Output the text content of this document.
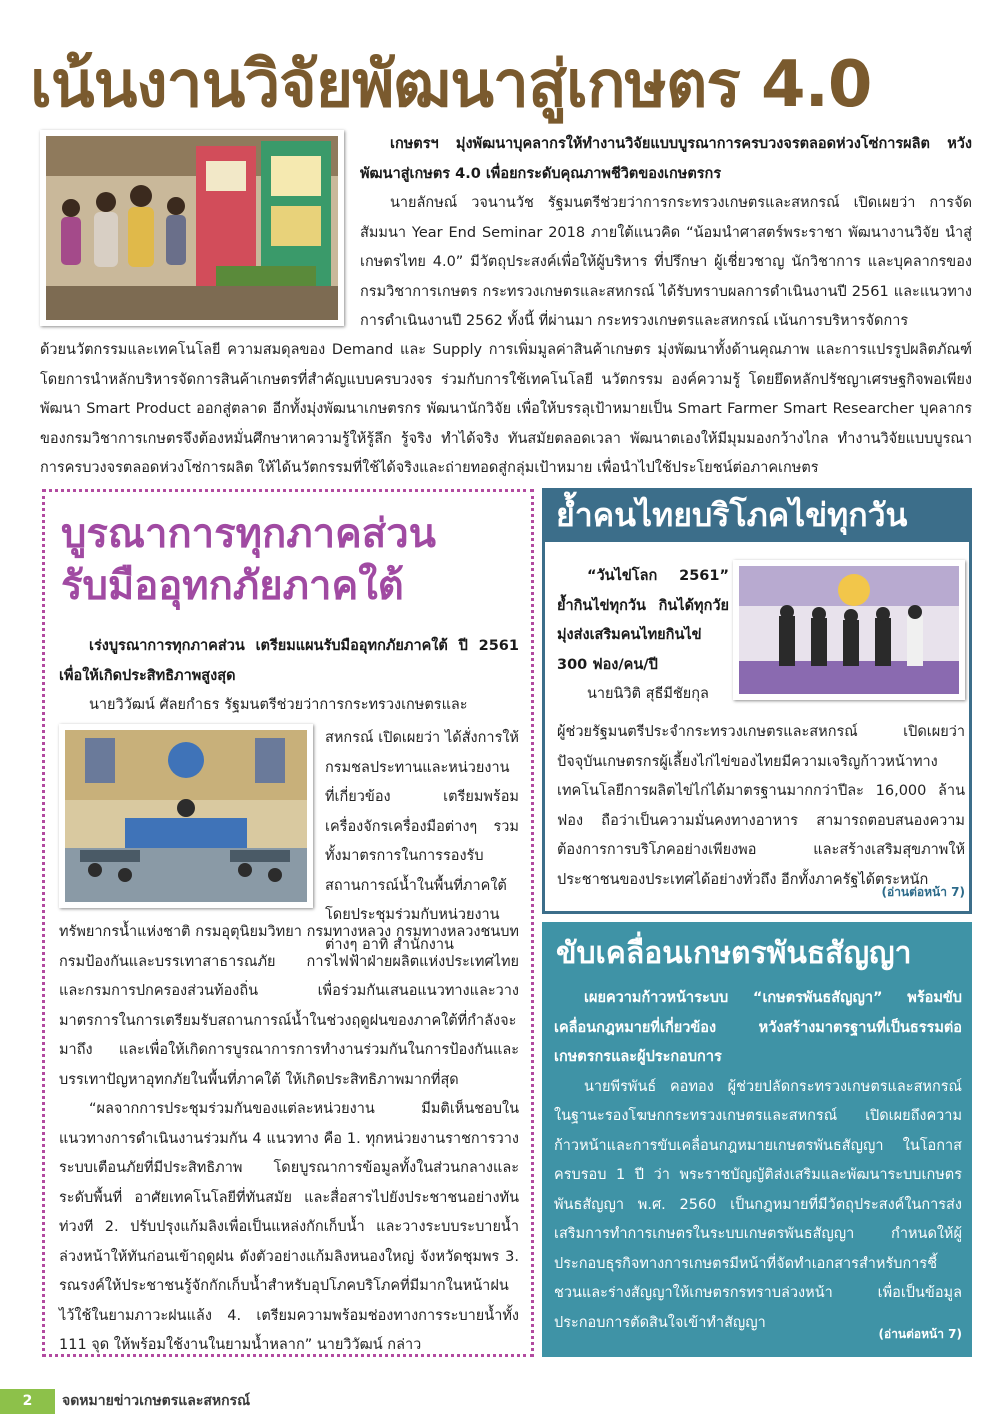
เน้นงานวิจัยพัฒนาสู่เกษตร 4.0

เกษตรฯ มุ่งพัฒนาบุคลากรให้ทำงานวิจัยแบบบูรณาการครบวงจรตลอดห่วงโซ่การผลิต หวังพัฒนาสู่เกษตร 4.0 เพื่อยกระดับคุณภาพชีวิตของเกษตรกร

นายลักษณ์ วจนานวัช รัฐมนตรีช่วยว่าการกระทรวงเกษตรและสหกรณ์ เปิดเผยว่า การจัดสัมมนา Year End Seminar 2018 ภายใต้แนวคิด “น้อมนำศาสตร์พระราชา พัฒนางานวิจัย นำสู่เกษตรไทย 4.0” มีวัตถุประสงค์เพื่อให้ผู้บริหาร ที่ปรึกษา ผู้เชี่ยวชาญ นักวิชาการ และบุคลากรของกรมวิชาการเกษตร กระทรวงเกษตรและสหกรณ์ ได้รับทราบผลการดำเนินงานปี 2561 และแนวทางการดำเนินงานปี 2562 ทั้งนี้ ที่ผ่านมา กระทรวงเกษตรและสหกรณ์ เน้นการบริหารจัดการ

ด้วยนวัตกรรมและเทคโนโลยี ความสมดุลของ Demand และ Supply การเพิ่มมูลค่าสินค้าเกษตร มุ่งพัฒนาทั้งด้านคุณภาพ และการแปรรูปผลิตภัณฑ์ โดยการนำหลักบริหารจัดการสินค้าเกษตรที่สำคัญแบบครบวงจร ร่วมกับการใช้เทคโนโลยี นวัตกรรม องค์ความรู้ โดยยึดหลักปรัชญาเศรษฐกิจพอเพียง พัฒนา Smart Product ออกสู่ตลาด อีกทั้งมุ่งพัฒนาเกษตรกร พัฒนานักวิจัย เพื่อให้บรรลุเป้าหมายเป็น Smart Farmer Smart Researcher บุคลากรของกรมวิชาการเกษตรจึงต้องหมั่นศึกษาหาความรู้ให้รู้ลึก รู้จริง ทำได้จริง ทันสมัยตลอดเวลา พัฒนาตเองให้มีมุมมองกว้างไกล ทำงานวิจัยแบบบูรณาการครบวงจรตลอดห่วงโซ่การผลิต ให้ได้นวัตกรรมที่ใช้ได้จริงและถ่ายทอดสู่กลุ่มเป้าหมาย เพื่อนำไปใช้ประโยชน์ต่อภาคเกษตร

บูรณาการทุกภาคส่วน
รับมืออุทกภัยภาคใต้

เร่งบูรณาการทุกภาคส่วน เตรียมแผนรับมืออุทกภัยภาคใต้ ปี 2561 เพื่อให้เกิดประสิทธิภาพสูงสุด

นายวิวัฒน์ ศัลยกำธร รัฐมนตรีช่วยว่าการกระทรวงเกษตรและ

สหกรณ์ เปิดเผยว่า ได้สั่งการให้กรมชลประทานและหน่วยงานที่เกี่ยวข้อง เตรียมพร้อมเครื่องจักรเครื่องมือต่างๆ รวมทั้งมาตรการในการรองรับสถานการณ์น้ำในพื้นที่ภาคใต้ โดยประชุมร่วมกับหน่วยงานต่างๆ อาทิ สำนักงาน

ทรัพยากรน้ำแห่งชาติ กรมอุตุนิยมวิทยา กรมทางหลวง กรมทางหลวงชนบท กรมป้องกันและบรรเทาสาธารณภัย การไฟฟ้าฝ่ายผลิตแห่งประเทศไทย และกรมการปกครองส่วนท้องถิ่น เพื่อร่วมกันเสนอแนวทางและวางมาตรการในการเตรียมรับสถานการณ์น้ำในช่วงฤดูฝนของภาคใต้ที่กำลังจะมาถึง และเพื่อให้เกิดการบูรณาการการทำงานร่วมกันในการป้องกันและบรรเทาปัญหาอุทกภัยในพื้นที่ภาคใต้ ให้เกิดประสิทธิภาพมากที่สุด

“ผลจากการประชุมร่วมกันของแต่ละหน่วยงาน มีมติเห็นชอบในแนวทางการดำเนินงานร่วมกัน 4 แนวทาง คือ 1. ทุกหน่วยงานราชการวางระบบเตือนภัยที่มีประสิทธิภาพ โดยบูรณาการข้อมูลทั้งในส่วนกลางและระดับพื้นที่ อาศัยเทคโนโลยีที่ทันสมัย และสื่อสารไปยังประชาชนอย่างทันท่วงที 2. ปรับปรุงแก้มลิงเพื่อเป็นแหล่งกักเก็บน้ำ และวางระบบระบายน้ำล่วงหน้าให้ทันก่อนเข้าฤดูฝน ดังตัวอย่างแก้มลิงหนองใหญ่ จังหวัดชุมพร 3. รณรงค์ให้ประชาชนรู้จักกักเก็บน้ำสำหรับอุปโภคบริโภคที่มีมากในหน้าฝน ไว้ใช้ในยามภาวะฝนแล้ง 4. เตรียมความพร้อมช่องทางการระบายน้ำทั้ง 111 จุด ให้พร้อมใช้งานในยามน้ำหลาก” นายวิวัฒน์ กล่าว

ย้ำคนไทยบริโภคไข่ทุกวัน

“วันไข่โลก 2561” ย้ำกินไข่ทุกวัน กินได้ทุกวัย มุ่งส่งเสริมคนไทยกินไข่ 300 ฟอง/คน/ปี

นายนิวิติ สุธีมีชัยกุล

ผู้ช่วยรัฐมนตรีประจำกระทรวงเกษตรและสหกรณ์ เปิดเผยว่า ปัจจุบันเกษตรกรผู้เลี้ยงไก่ไข่ของไทยมีความเจริญก้าวหน้าทางเทคโนโลยีการผลิตไข่ไก่ได้มาตรฐานมากกว่าปีละ 16,000 ล้านฟอง ถือว่าเป็นความมั่นคงทางอาหาร สามารถตอบสนองความต้องการการบริโภคอย่างเพียงพอ และสร้างเสริมสุขภาพให้ประชาชนของประเทศได้อย่างทั่วถึง อีกทั้งภาครัฐได้ตระหนัก

(อ่านต่อหน้า 7)
ขับเคลื่อนเกษตรพันธสัญญา

เผยความก้าวหน้าระบบ “เกษตรพันธสัญญา” พร้อมขับเคลื่อนกฎหมายที่เกี่ยวข้อง หวังสร้างมาตรฐานที่เป็นธรรมต่อเกษตรกรและผู้ประกอบการ

นายพีรพันธ์ คอทอง ผู้ช่วยปลัดกระทรวงเกษตรและสหกรณ์ ในฐานะรองโฆษกกระทรวงเกษตรและสหกรณ์ เปิดเผยถึงความก้าวหน้าและการขับเคลื่อนกฎหมายเกษตรพันธสัญญา ในโอกาสครบรอบ 1 ปี ว่า พระราชบัญญัติส่งเสริมและพัฒนาระบบเกษตรพันธสัญญา พ.ศ. 2560 เป็นกฎหมายที่มีวัตถุประสงค์ในการส่งเสริมการทำการเกษตรในระบบเกษตรพันธสัญญา กำหนดให้ผู้ประกอบธุรกิจทางการเกษตรมีหน้าที่จัดทำเอกสารสำหรับการชี้ชวนและร่างสัญญาให้เกษตรกรทราบล่วงหน้า เพื่อเป็นข้อมูลประกอบการตัดสินใจเข้าทำสัญญา

(อ่านต่อหน้า 7)
2	จดหมายข่าวเกษตรและสหกรณ์
